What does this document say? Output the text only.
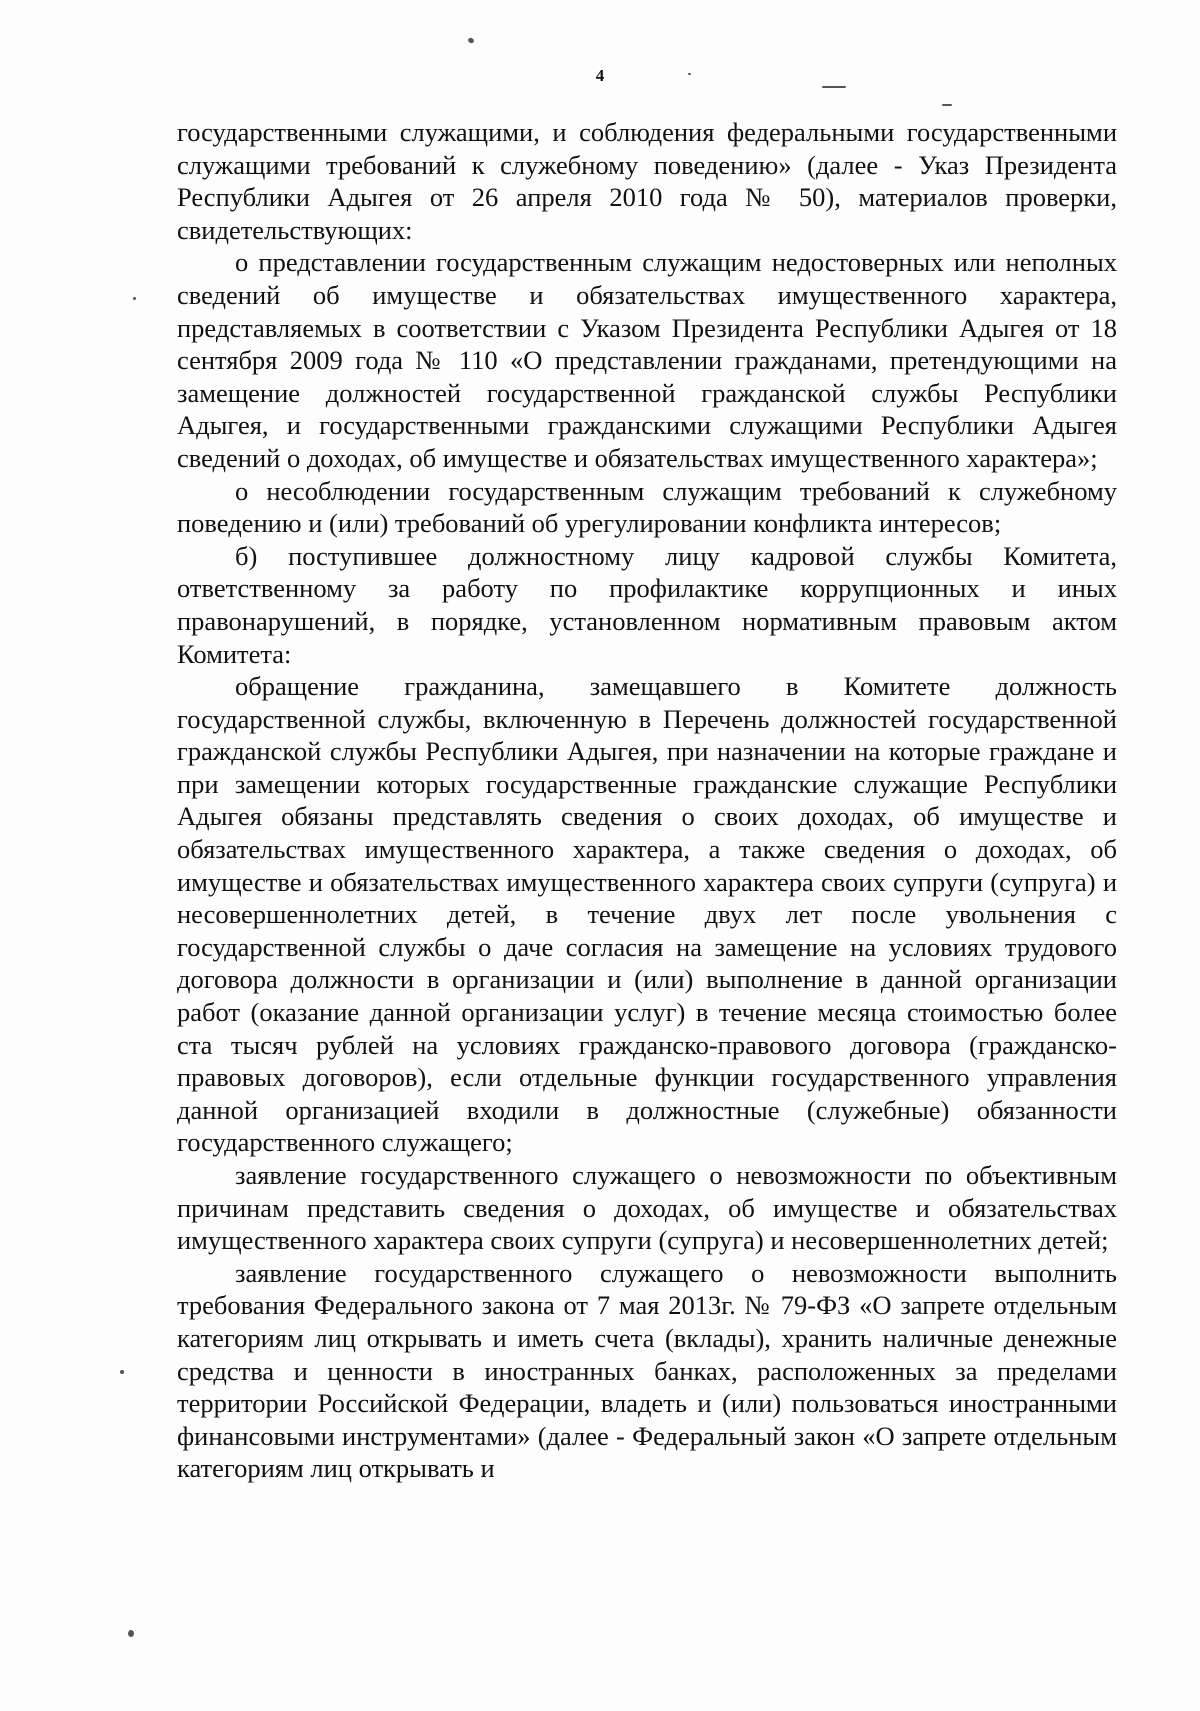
4

государственными служащими, и соблюдения федеральными государственными служащими требований к служебному поведению» (далее - Указ Президента Республики Адыгея от 26 апреля 2010 года № 50), материалов проверки, свидетельствующих:

о представлении государственным служащим недостоверных или неполных сведений об имуществе и обязательствах имущественного характера, представляемых в соответствии с Указом Президента Республики Адыгея от 18 сентября 2009 года № 110 «О представлении гражданами, претендующими на замещение должностей государственной гражданской службы Республики Адыгея, и государственными гражданскими служащими Республики Адыгея сведений о доходах, об имуществе и обязательствах имущественного характера»;

о несоблюдении государственным служащим требований к служебному поведению и (или) требований об урегулировании конфликта интересов;

б) поступившее должностному лицу кадровой службы Комитета, ответственному за работу по профилактике коррупционных и иных правонарушений, в порядке, установленном нормативным правовым актом Комитета:

обращение гражданина, замещавшего в Комитете должность государственной службы, включенную в Перечень должностей государственной гражданской службы Республики Адыгея, при назначении на которые граждане и при замещении которых государственные гражданские служащие Республики Адыгея обязаны представлять сведения о своих доходах, об имуществе и обязательствах имущественного характера, а также сведения о доходах, об имуществе и обязательствах имущественного характера своих супруги (супруга) и несовершеннолетних детей, в течение двух лет после увольнения с государственной службы о даче согласия на замещение на условиях трудового договора должности в организации и (или) выполнение в данной организации работ (оказание данной организации услуг) в течение месяца стоимостью более ста тысяч рублей на условиях гражданско-правового договора (гражданско-правовых договоров), если отдельные функции государственного управления данной организацией входили в должностные (служебные) обязанности государственного служащего;

заявление государственного служащего о невозможности по объективным причинам представить сведения о доходах, об имуществе и обязательствах имущественного характера своих супруги (супруга) и несовершеннолетних детей;

заявление государственного служащего о невозможности выполнить требования Федерального закона от 7 мая 2013г. № 79-ФЗ «О запрете отдельным категориям лиц открывать и иметь счета (вклады), хранить наличные денежные средства и ценности в иностранных банках, расположенных за пределами территории Российской Федерации, владеть и (или) пользоваться иностранными финансовыми инструментами» (далее - Федеральный закон «О запрете отдельным категориям лиц открывать и
